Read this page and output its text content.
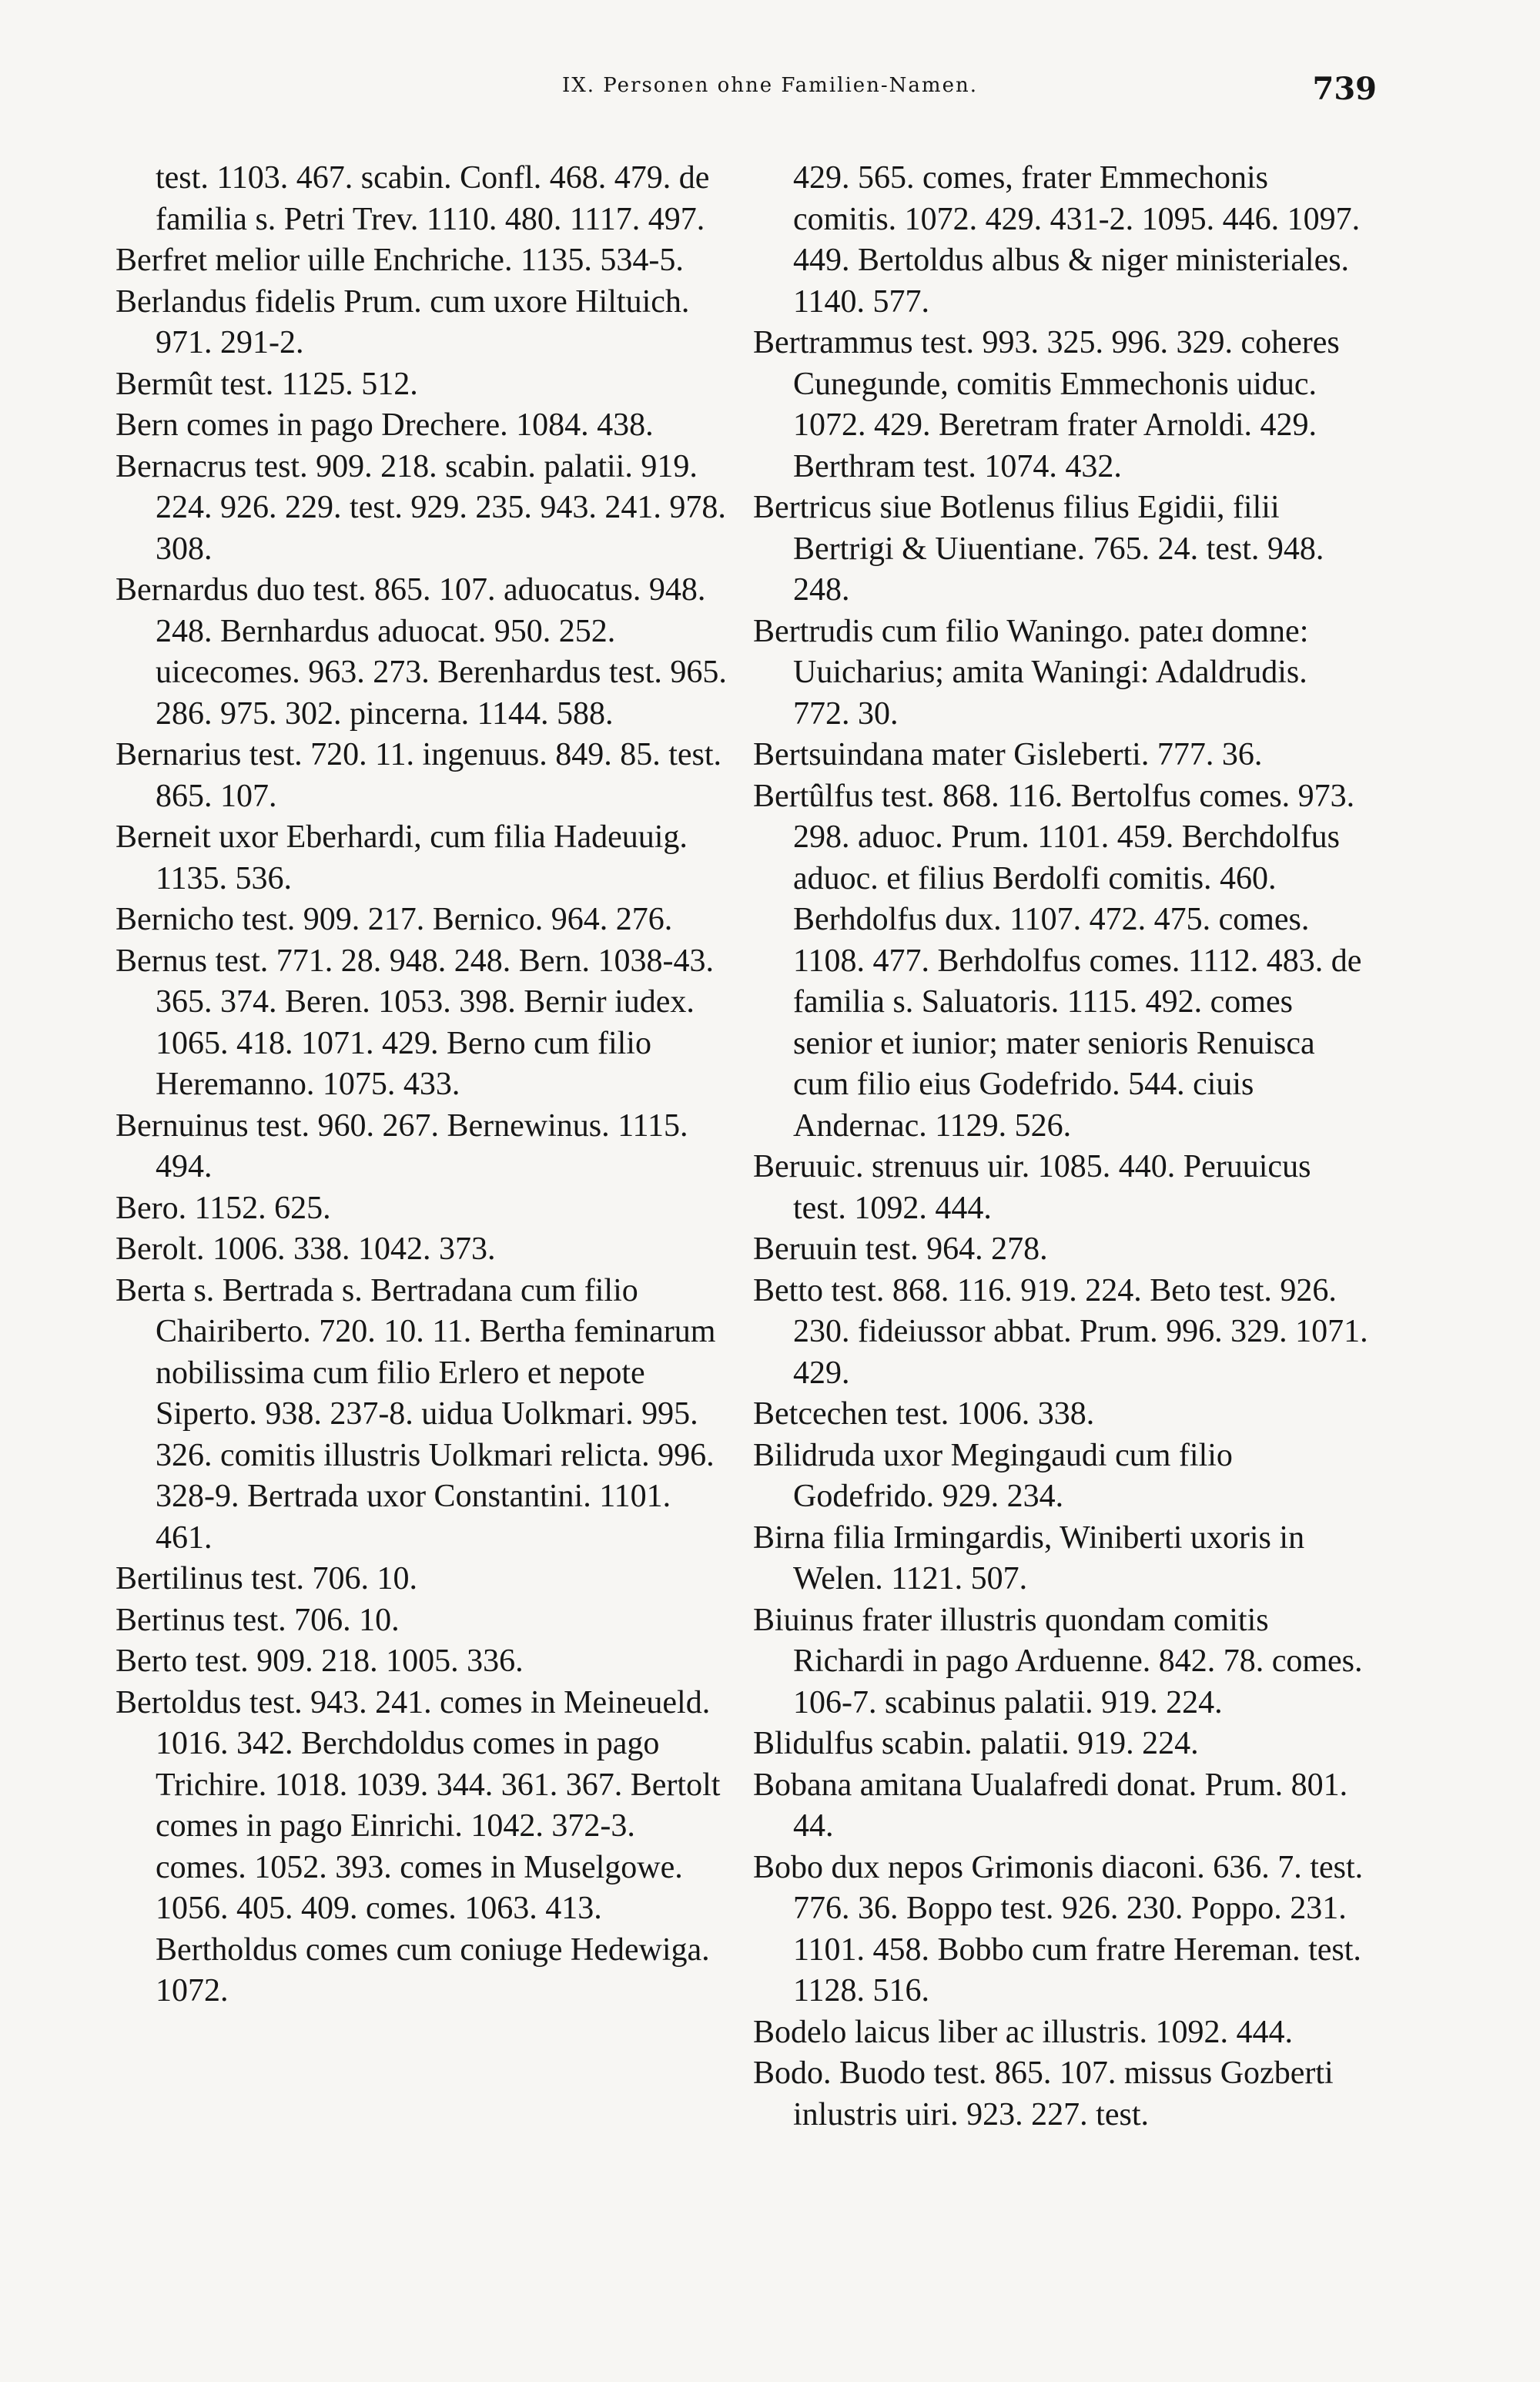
IX. Personen ohne Familien-Namen.	739

test. 1103. 467. scabin. Confl. 468. 479. de familia s. Petri Trev. 1110. 480. 1117. 497.

Berfret melior uille Enchriche. 1135. 534-5.

Berlandus fidelis Prum. cum uxore Hiltuich. 971. 291-2.

Bermût test. 1125. 512.

Bern comes in pago Drechere. 1084. 438.

Bernacrus test. 909. 218. scabin. palatii. 919. 224. 926. 229. test. 929. 235. 943. 241. 978. 308.

Bernardus duo test. 865. 107. aduocatus. 948. 248. Bernhardus aduocat. 950. 252. uicecomes. 963. 273. Berenhardus test. 965. 286. 975. 302. pincerna. 1144. 588.

Bernarius test. 720. 11. ingenuus. 849. 85. test. 865. 107.

Berneit uxor Eberhardi, cum filia Hadeuuig. 1135. 536.

Bernicho test. 909. 217. Bernico. 964. 276.

Bernus test. 771. 28. 948. 248. Bern. 1038-43. 365. 374. Beren. 1053. 398. Bernir iudex. 1065. 418. 1071. 429. Berno cum filio Heremanno. 1075. 433.

Bernuinus test. 960. 267. Bernewinus. 1115. 494.

Bero. 1152. 625.

Berolt. 1006. 338. 1042. 373.

Berta s. Bertrada s. Bertradana cum filio Chairiberto. 720. 10. 11. Bertha feminarum nobilissima cum filio Erlero et nepote Siperto. 938. 237-8. uidua Uolkmari. 995. 326. comitis illustris Uolkmari relicta. 996. 328-9. Bertrada uxor Constantini. 1101. 461.

Bertilinus test. 706. 10.

Bertinus test. 706. 10.

Berto test. 909. 218. 1005. 336.

Bertoldus test. 943. 241. comes in Meineueld. 1016. 342. Berchdoldus comes in pago Trichire. 1018. 1039. 344. 361. 367. Bertolt comes in pago Einrichi. 1042. 372-3. comes. 1052. 393. comes in Muselgowe. 1056. 405. 409. comes. 1063. 413. Bertholdus comes cum coniuge Hedewiga. 1072.

429. 565. comes, frater Emmechonis comitis. 1072. 429. 431-2. 1095. 446. 1097. 449. Bertoldus albus & niger ministeriales. 1140. 577.

Bertrammus test. 993. 325. 996. 329. coheres Cunegunde, comitis Emmechonis uiduc. 1072. 429. Beretram frater Arnoldi. 429. Berthram test. 1074. 432.

Bertricus siue Botlenus filius Egidii, filii Bertrigi & Uiuentiane. 765. 24. test. 948. 248.

Bertrudis cum filio Waningo. pateɹ domne: Uuicharius; amita Waningi: Adaldrudis. 772. 30.

Bertsuindana mater Gisleberti. 777. 36.

Bertûlfus test. 868. 116. Bertolfus comes. 973. 298. aduoc. Prum. 1101. 459. Berchdolfus aduoc. et filius Berdolfi comitis. 460. Berhdolfus dux. 1107. 472. 475. comes. 1108. 477. Berhdolfus comes. 1112. 483. de familia s. Saluatoris. 1115. 492. comes senior et iunior; mater senioris Renuisca cum filio eius Godefrido. 544. ciuis Andernac. 1129. 526.

Beruuic. strenuus uir. 1085. 440. Peruuicus test. 1092. 444.

Beruuin test. 964. 278.

Betto test. 868. 116. 919. 224. Beto test. 926. 230. fideiussor abbat. Prum. 996. 329. 1071. 429.

Betcechen test. 1006. 338.

Bilidruda uxor Megingaudi cum filio Godefrido. 929. 234.

Birna filia Irmingardis, Winiberti uxoris in Welen. 1121. 507.

Biuinus frater illustris quondam comitis Richardi in pago Arduenne. 842. 78. comes. 106-7. scabinus palatii. 919. 224.

Blidulfus scabin. palatii. 919. 224.

Bobana amitana Uualafredi donat. Prum. 801. 44.

Bobo dux nepos Grimonis diaconi. 636. 7. test. 776. 36. Boppo test. 926. 230. Poppo. 231. 1101. 458. Bobbo cum fratre Hereman. test. 1128. 516.

Bodelo laicus liber ac illustris. 1092. 444.

Bodo. Buodo test. 865. 107. missus Gozberti inlustris uiri. 923. 227. test.
